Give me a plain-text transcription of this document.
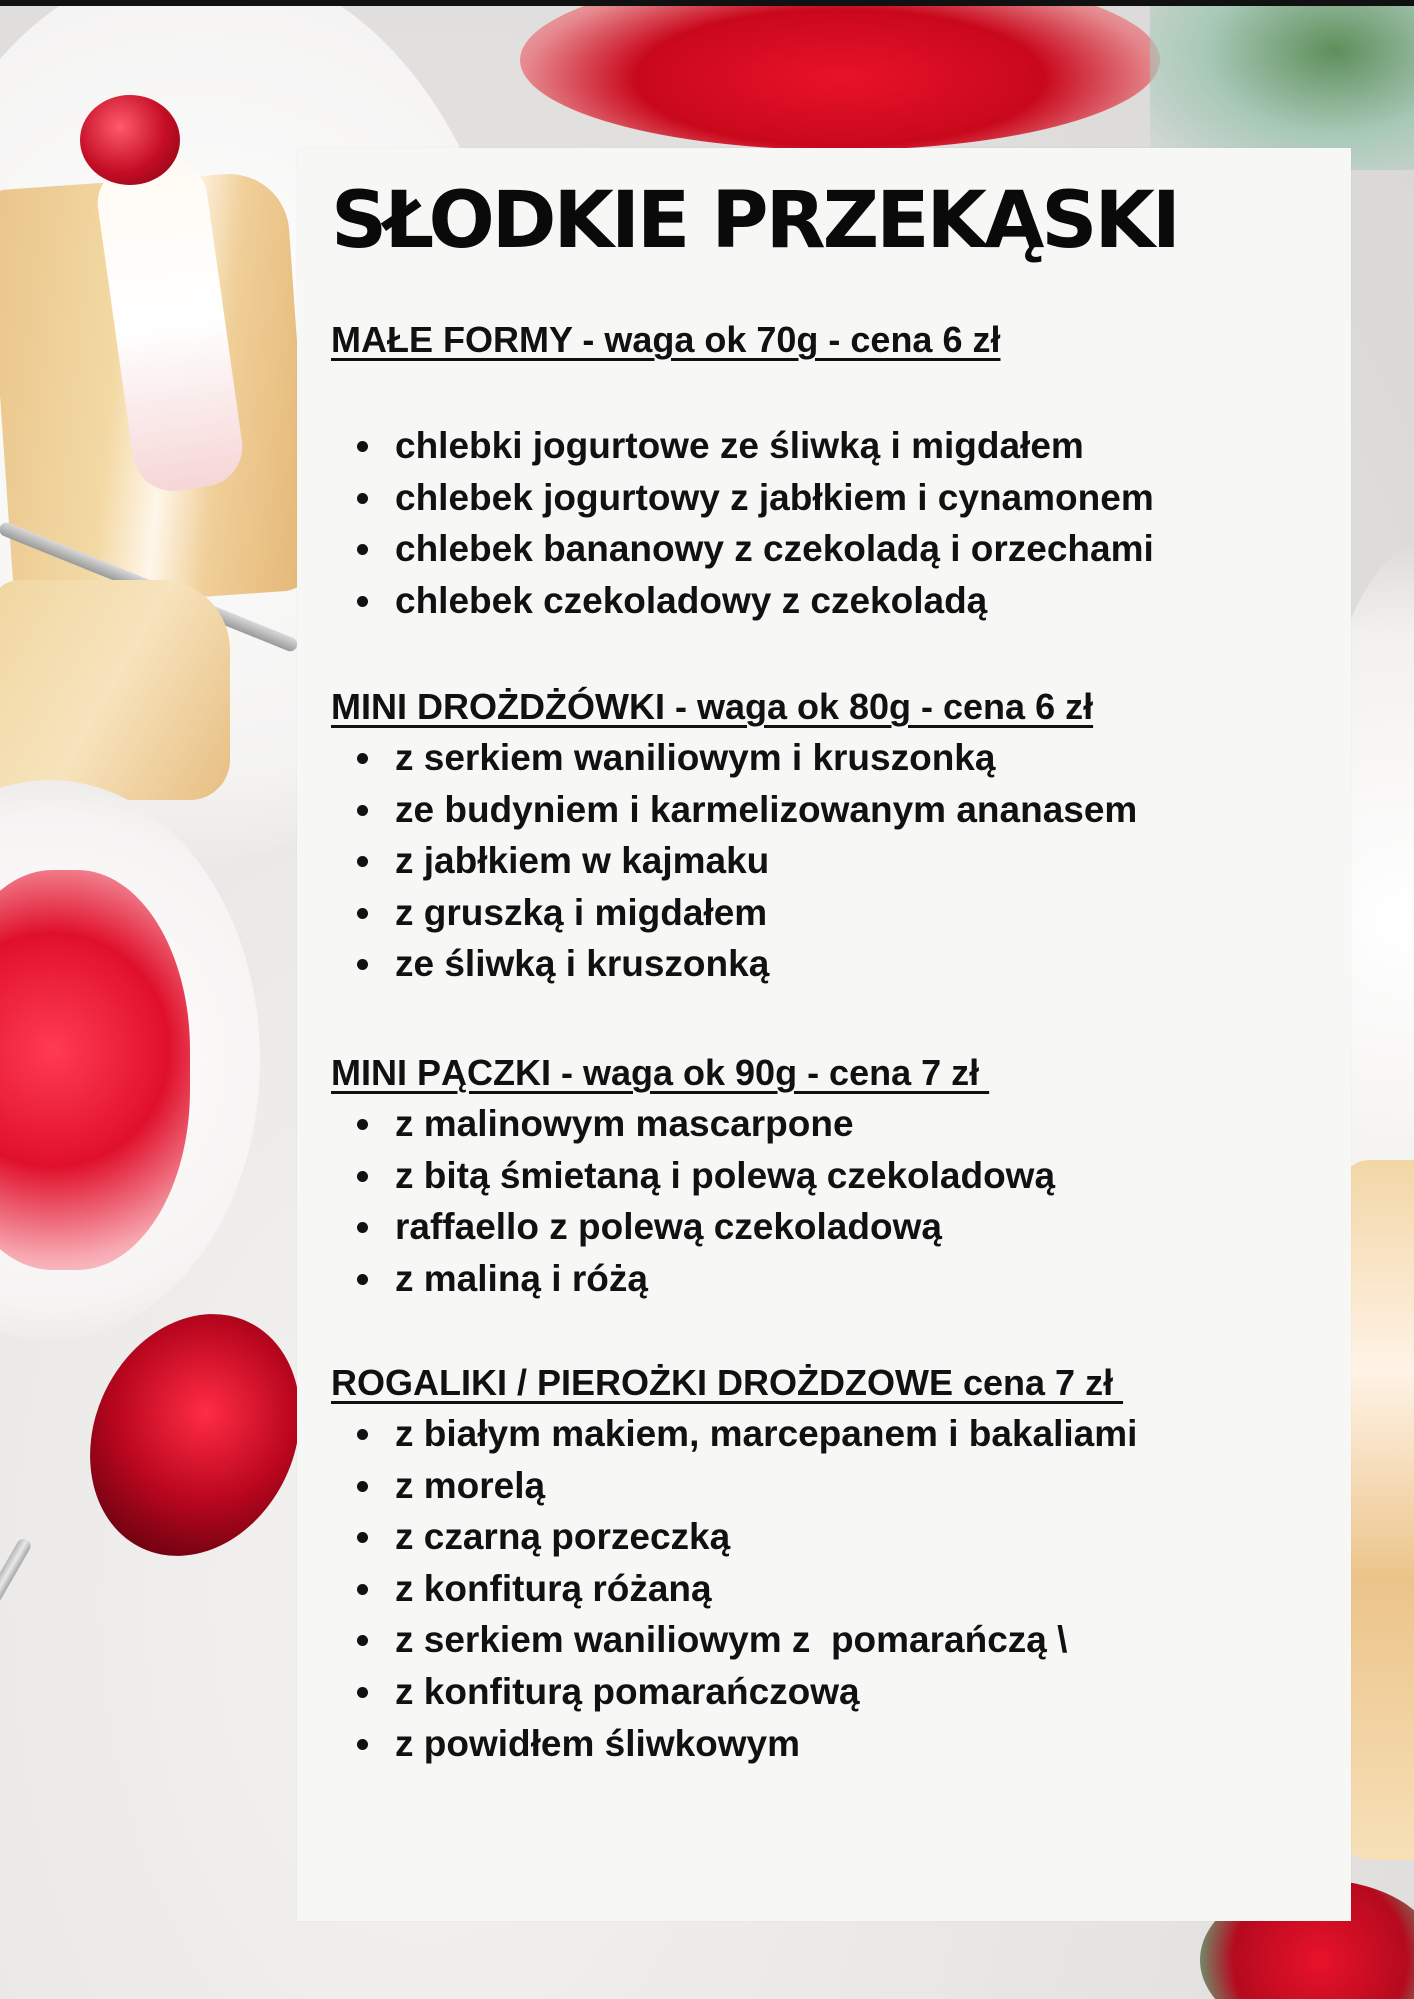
SŁODKIE PRZEKĄSKI
MAŁE FORMY - waga ok 70g - cena 6 zł
chlebki jogurtowe ze śliwką i migdałem
chlebek jogurtowy z jabłkiem i cynamonem
chlebek bananowy z czekoladą i orzechami
chlebek czekoladowy z czekoladą
MINI DROŻDŻÓWKI - waga ok 80g - cena 6 zł
z serkiem waniliowym i kruszonką
ze budyniem i karmelizowanym ananasem
z jabłkiem w kajmaku
z gruszką i migdałem
ze śliwką i kruszonką
MINI PĄCZKI - waga ok 90g - cena 7 zł
z malinowym mascarpone
z bitą śmietaną i polewą czekoladową
raffaello z polewą czekoladową
z maliną i różą
ROGALIKI / PIEROŻKI DROŻDZOWE cena 7 zł
z białym makiem, marcepanem i bakaliami
z morelą
z czarną porzeczką
z konfiturą różaną
z serkiem waniliowym z  pomarańczą \
z konfiturą pomarańczową
z powidłem śliwkowym
